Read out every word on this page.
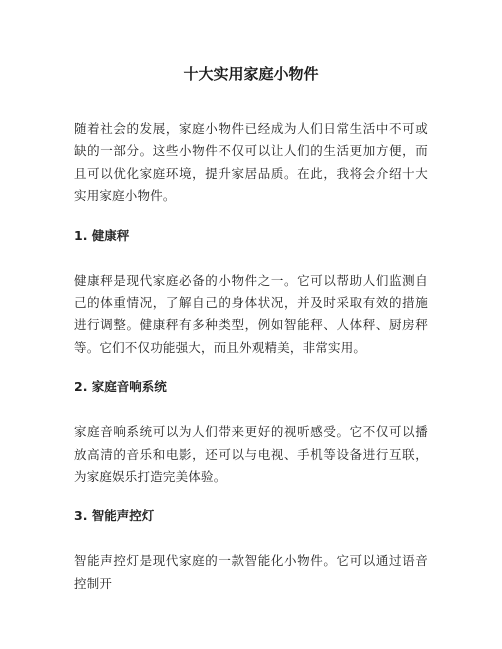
十大实用家庭小物件

随着社会的发展，家庭小物件已经成为人们日常生活中不可或缺的一部分。这些小物件不仅可以让人们的生活更加方便，而且可以优化家庭环境，提升家居品质。在此，我将会介绍十大实用家庭小物件。

1. 健康秤

健康秤是现代家庭必备的小物件之一。它可以帮助人们监测自己的体重情况，了解自己的身体状况，并及时采取有效的措施进行调整。健康秤有多种类型，例如智能秤、人体秤、厨房秤等。它们不仅功能强大，而且外观精美，非常实用。

2. 家庭音响系统

家庭音响系统可以为人们带来更好的视听感受。它不仅可以播放高清的音乐和电影，还可以与电视、手机等设备进行互联，为家庭娱乐打造完美体验。

3. 智能声控灯

智能声控灯是现代家庭的一款智能化小物件。它可以通过语音控制开
